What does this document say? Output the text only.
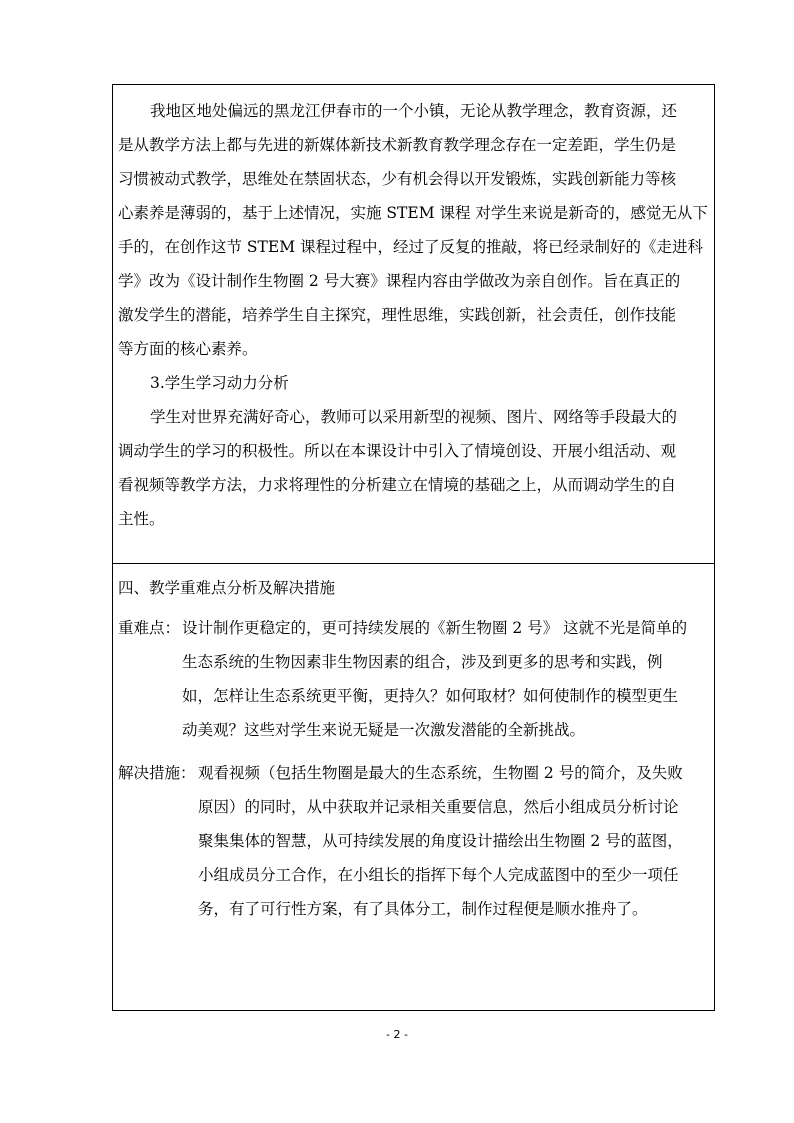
我地区地处偏远的黑龙江伊春市的一个小镇，无论从教学理念，教育资源，还
是从教学方法上都与先进的新媒体新技术新教育教学理念存在一定差距，学生仍是
习惯被动式教学，思维处在禁固状态，少有机会得以开发锻炼，实践创新能力等核
心素养是薄弱的，基于上述情况，实施 STEM 课程 对学生来说是新奇的，感觉无从下
手的，在创作这节 STEM 课程过程中，经过了反复的推敲，将已经录制好的《走进科
学》改为《设计制作生物圈 2 号大赛》课程内容由学做改为亲自创作。旨在真正的
激发学生的潜能，培养学生自主探究，理性思维，实践创新，社会责任，创作技能
等方面的核心素养。
3.学生学习动力分析
学生对世界充满好奇心，教师可以采用新型的视频、图片、网络等手段最大的
调动学生的学习的积极性。所以在本课设计中引入了情境创设、开展小组活动、观
看视频等教学方法，力求将理性的分析建立在情境的基础之上，从而调动学生的自
主性。
四、教学重难点分析及解决措施
重难点： 设计制作更稳定的，更可持续发展的《新生物圈 2 号》 这就不光是简单的
生态系统的生物因素非生物因素的组合，涉及到更多的思考和实践，例
如，怎样让生态系统更平衡，更持久？如何取材？如何使制作的模型更生
动美观？这些对学生来说无疑是一次激发潜能的全新挑战。
解决措施： 观看视频（包括生物圈是最大的生态系统，生物圈 2 号的简介，及失败
原因）的同时，从中获取并记录相关重要信息，然后小组成员分析讨论
聚集集体的智慧，从可持续发展的角度设计描绘出生物圈 2 号的蓝图，
小组成员分工合作，在小组长的指挥下每个人完成蓝图中的至少一项任
务，有了可行性方案，有了具体分工，制作过程便是顺水推舟了。
- 2 -
